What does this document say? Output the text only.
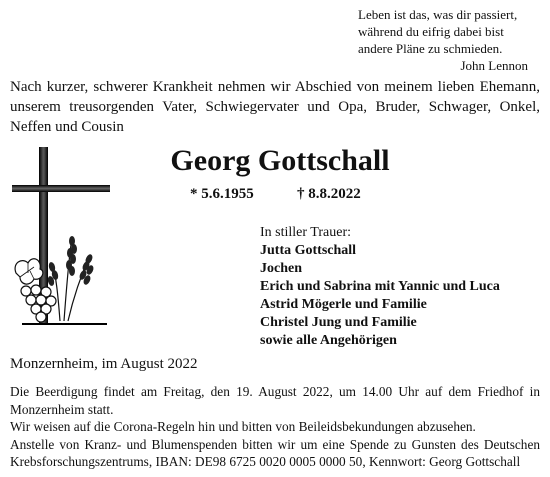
Leben ist das, was dir passiert,
während du eifrig dabei bist
andere Pläne zu schmieden.
John Lennon
Nach kurzer, schwerer Krankheit nehmen wir Abschied von meinem lieben Ehemann, unserem treusorgenden Vater, Schwiegervater und Opa, Bruder, Schwager, Onkel, Neffen und Cousin
Georg Gottschall
* 5.6.1955	† 8.8.2022
In stiller Trauer:
Jutta Gottschall
Jochen
Erich und Sabrina mit Yannic und Luca
Astrid Mögerle und Familie
Christel Jung und Familie
sowie alle Angehörigen
Monzernheim, im August 2022

Die Beerdigung findet am Freitag, den 19. August 2022, um 14.00 Uhr auf dem Friedhof in Monzernheim statt.

Wir weisen auf die Corona-Regeln hin und bitten von Beileidsbekundungen abzusehen.

Anstelle von Kranz- und Blumenspenden bitten wir um eine Spende zu Gunsten des Deutschen Krebsforschungszentrums, IBAN: DE98 6725 0020 0005 0000 50, Kennwort: Georg Gottschall
